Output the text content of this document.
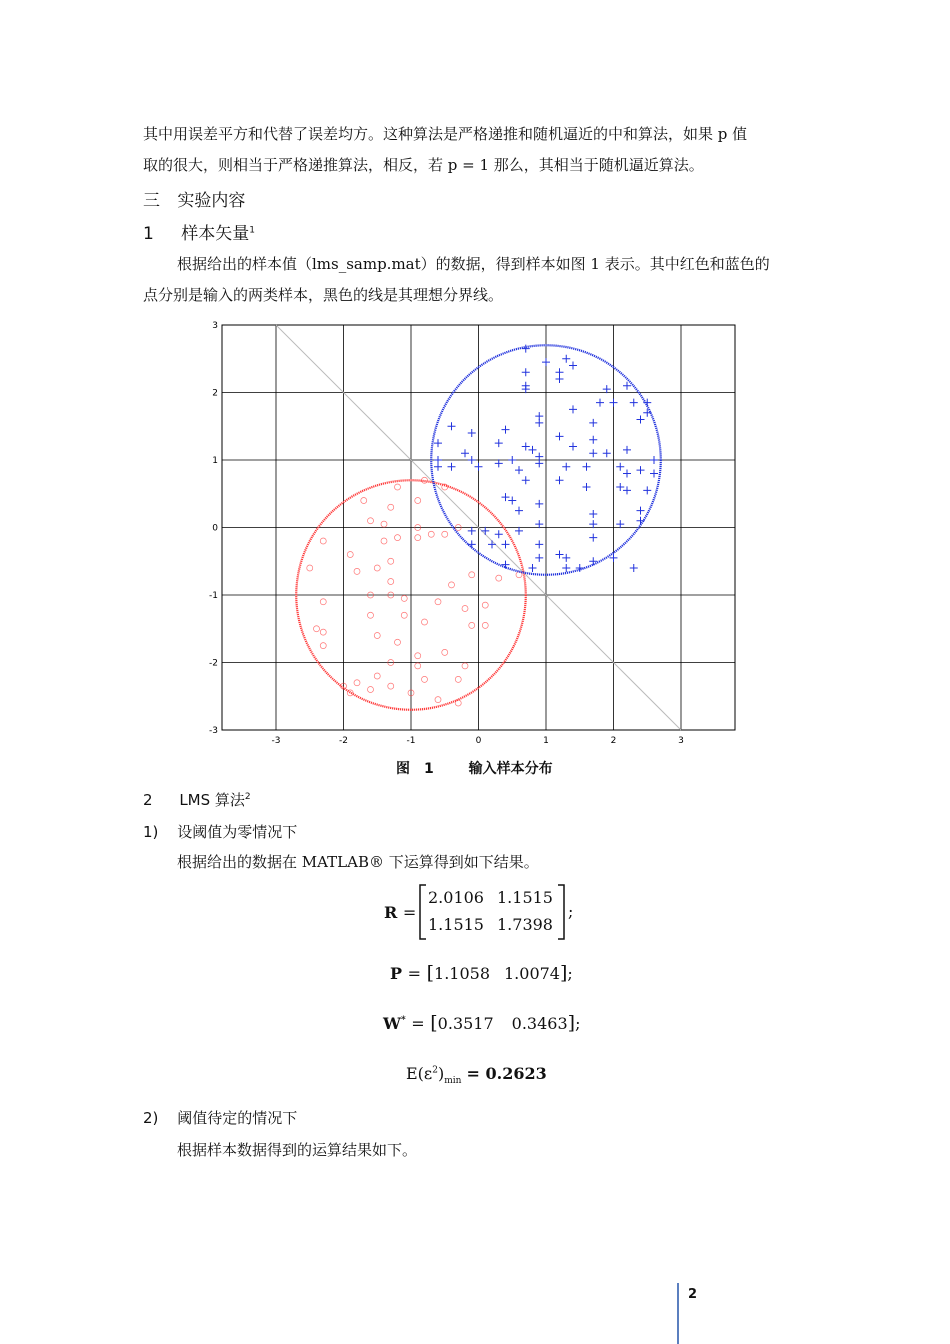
其中用误差平方和代替了误差均方。这种算法是严格递推和随机逼近的中和算法，如果 p 值
取的很大，则相当于严格递推算法，相反，若 p = 1 那么，其相当于随机逼近算法。
三 实验内容
1 样本矢量$^1$
根据给出的样本值（lms_samp.mat）的数据，得到样本如图 1 表示。其中红色和蓝色的
点分别是输入的两类样本，黑色的线是其理想分界线。
-3	-2	-1	0	1	2	3
-3
-2
-1
0
1
2
3
图　1 输入样本分布
2 LMS 算法$^2$
1) 设阈值为零情况下
根据给出的数据在 MATLAB® 下运算得到如下结果。
R =
2.0106 1.1515
1.1515 1.7398
;
P = [1.1058 1.0074];
W* = [0.3517 0.3463];
$E(\varepsilon^2)_{min} = 0.2623$
2) 阈值待定的情况下
根据样本数据得到的运算结果如下。
2
